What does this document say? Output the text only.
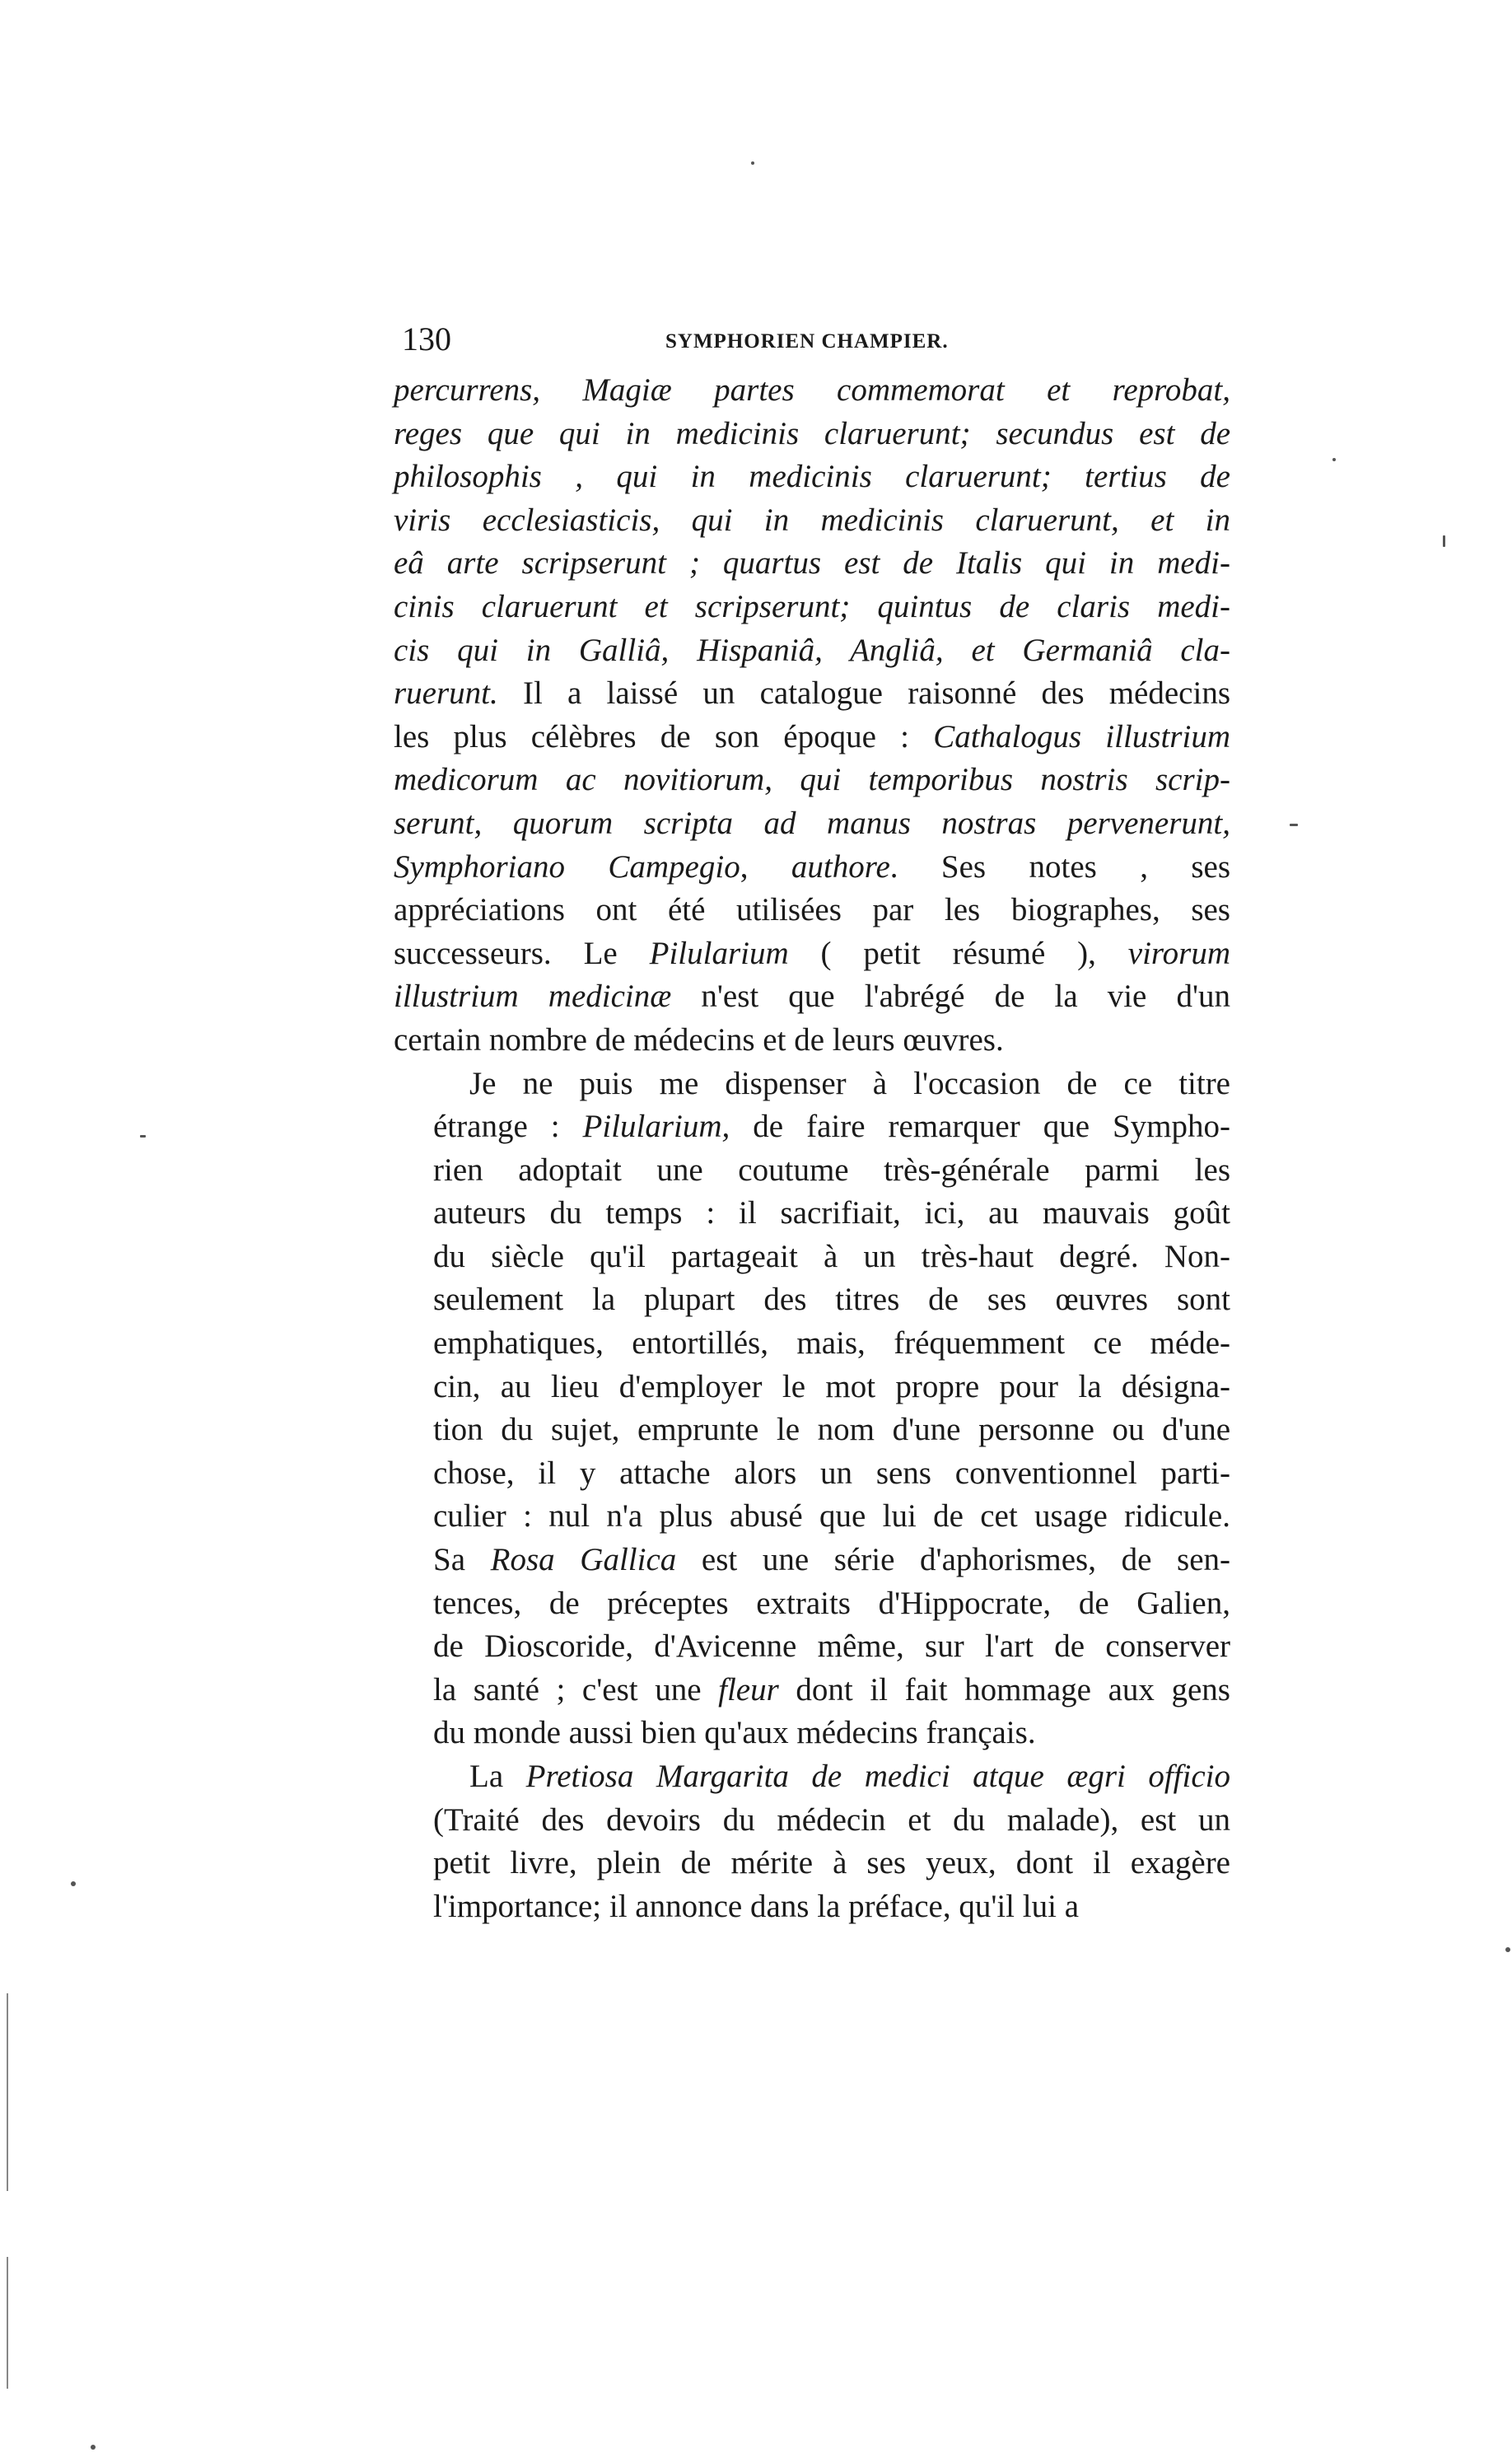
130	SYMPHORIEN CHAMPIER.

percurrens, Magiæ partes commemorat et reprobat,
reges que qui in medicinis claruerunt; secundus est de
philosophis , qui in medicinis claruerunt; tertius de
viris ecclesiasticis, qui in medicinis claruerunt, et in
eâ arte scripserunt ; quartus est de Italis qui in medi-
cinis claruerunt et scripserunt; quintus de claris medi-
cis qui in Galliâ, Hispaniâ, Angliâ, et Germaniâ cla-
ruerunt. Il a laissé un catalogue raisonné des médecins
les plus célèbres de son époque : Cathalogus illustrium
medicorum ac novitiorum, qui temporibus nostris scrip-
serunt, quorum scripta ad manus nostras pervenerunt,
Symphoriano Campegio, authore. Ses notes , ses
appréciations ont été utilisées par les biographes, ses
successeurs. Le Pilularium ( petit résumé ), virorum
illustrium medicinæ n'est que l'abrégé de la vie d'un
certain nombre de médecins et de leurs œuvres.

Je ne puis me dispenser à l'occasion de ce titre
étrange : Pilularium, de faire remarquer que Sympho-
rien adoptait une coutume très-générale parmi les
auteurs du temps : il sacrifiait, ici, au mauvais goût
du siècle qu'il partageait à un très-haut degré. Non-
seulement la plupart des titres de ses œuvres sont
emphatiques, entortillés, mais, fréquemment ce méde-
cin, au lieu d'employer le mot propre pour la désigna-
tion du sujet, emprunte le nom d'une personne ou d'une
chose, il y attache alors un sens conventionnel parti-
culier : nul n'a plus abusé que lui de cet usage ridicule.
Sa Rosa Gallica est une série d'aphorismes, de sen-
tences, de préceptes extraits d'Hippocrate, de Galien,
de Dioscoride, d'Avicenne même, sur l'art de conserver
la santé ; c'est une fleur dont il fait hommage aux gens
du monde aussi bien qu'aux médecins français.

La Pretiosa Margarita de medici atque ægri officio
(Traité des devoirs du médecin et du malade), est un
petit livre, plein de mérite à ses yeux, dont il exagère
l'importance; il annonce dans la préface, qu'il lui a
